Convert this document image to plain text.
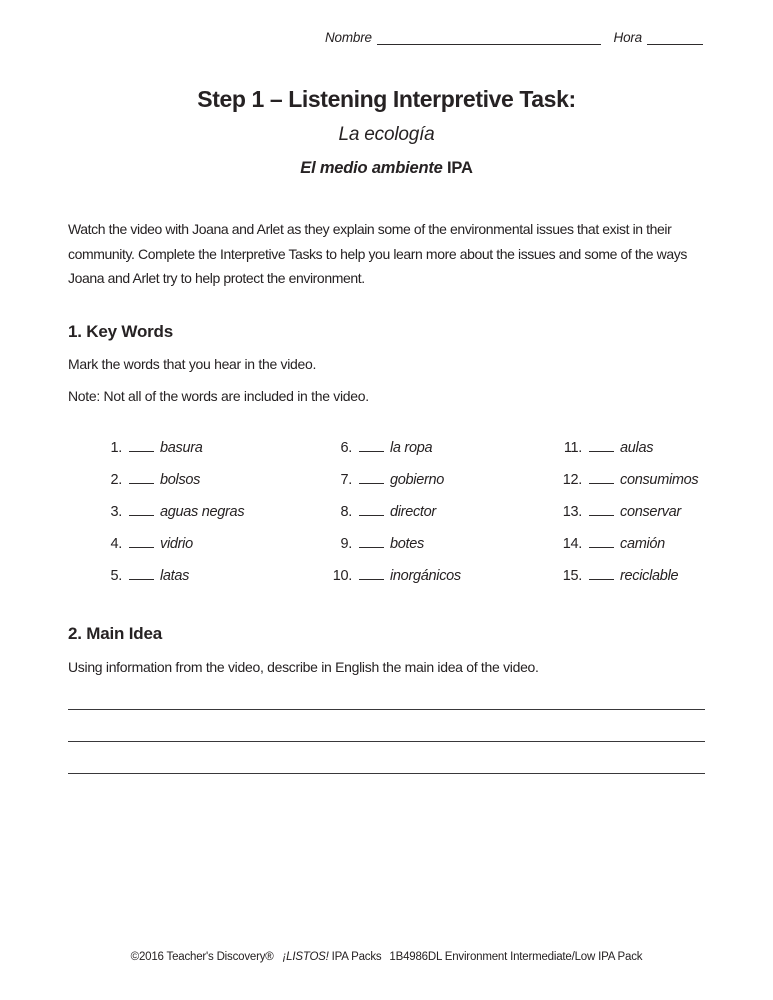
Nombre	Hora
Step 1 – Listening Interpretive Task:
La ecología
El medio ambiente IPA
Watch the video with Joana and Arlet as they explain some of the environmental issues that exist in their community. Complete the Interpretive Tasks to help you learn more about the issues and some of the ways Joana and Arlet try to help protect the environment.
1. Key Words
Mark the words that you hear in the video.
Note: Not all of the words are included in the video.
1.	basura
2.	bolsos
3.	aguas negras
4.	vidrio
5.	latas
6.	la ropa
7.	gobierno
8.	director
9.	botes
10.	inorgánicos
11.	aulas
12.	consumimos
13.	conservar
14.	camión
15.	reciclable
2. Main Idea
Using information from the video, describe in English the main idea of the video.
©2016 Teacher's Discovery® ¡LISTOS! IPA Packs 1B4986DL Environment Intermediate/Low IPA Pack
